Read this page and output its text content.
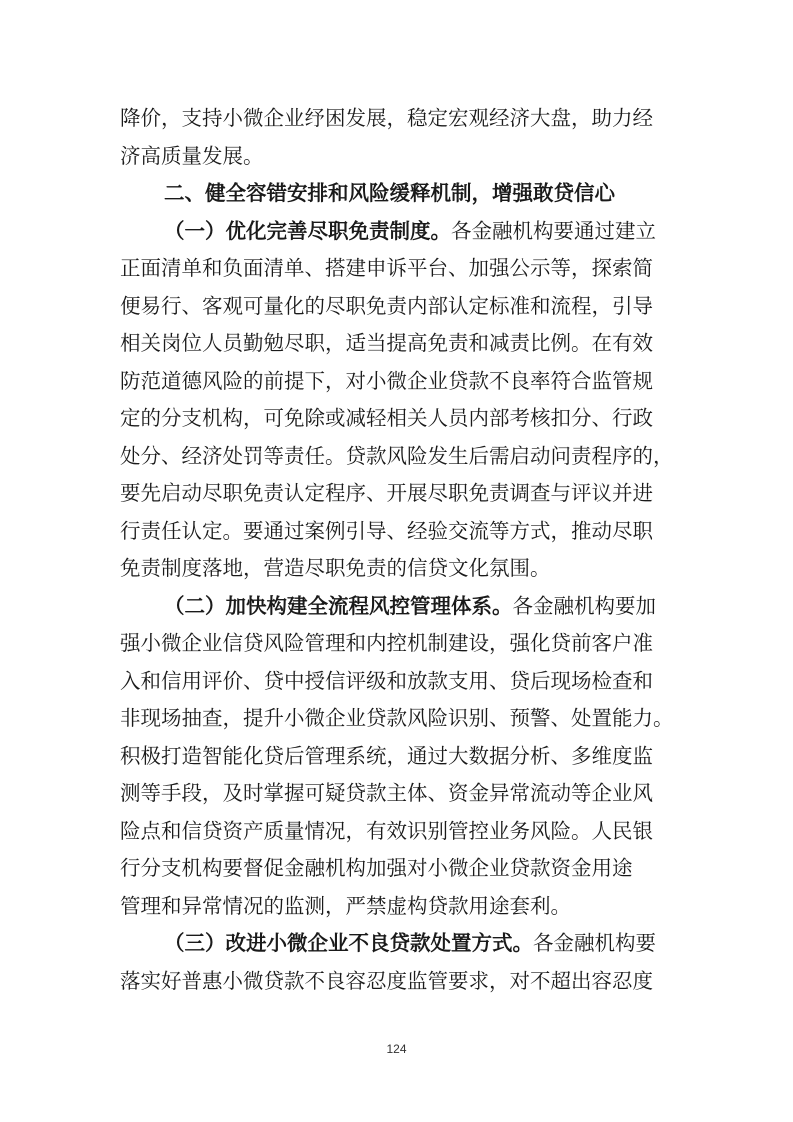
降价，支持小微企业纾困发展，稳定宏观经济大盘，助力经
济高质量发展。
二、健全容错安排和风险缓释机制，增强敢贷信心
（一）优化完善尽职免责制度。各金融机构要通过建立
正面清单和负面清单、搭建申诉平台、加强公示等，探索简
便易行、客观可量化的尽职免责内部认定标准和流程，引导
相关岗位人员勤勉尽职，适当提高免责和减责比例。在有效
防范道德风险的前提下，对小微企业贷款不良率符合监管规
定的分支机构，可免除或减轻相关人员内部考核扣分、行政
处分、经济处罚等责任。贷款风险发生后需启动问责程序的，
要先启动尽职免责认定程序、开展尽职免责调查与评议并进
行责任认定。要通过案例引导、经验交流等方式，推动尽职
免责制度落地，营造尽职免责的信贷文化氛围。
（二）加快构建全流程风控管理体系。各金融机构要加
强小微企业信贷风险管理和内控机制建设，强化贷前客户准
入和信用评价、贷中授信评级和放款支用、贷后现场检查和
非现场抽查，提升小微企业贷款风险识别、预警、处置能力。
积极打造智能化贷后管理系统，通过大数据分析、多维度监
测等手段，及时掌握可疑贷款主体、资金异常流动等企业风
险点和信贷资产质量情况，有效识别管控业务风险。人民银
行分支机构要督促金融机构加强对小微企业贷款资金用途
管理和异常情况的监测，严禁虚构贷款用途套利。
（三）改进小微企业不良贷款处置方式。各金融机构要
落实好普惠小微贷款不良容忍度监管要求，对不超出容忍度
124
